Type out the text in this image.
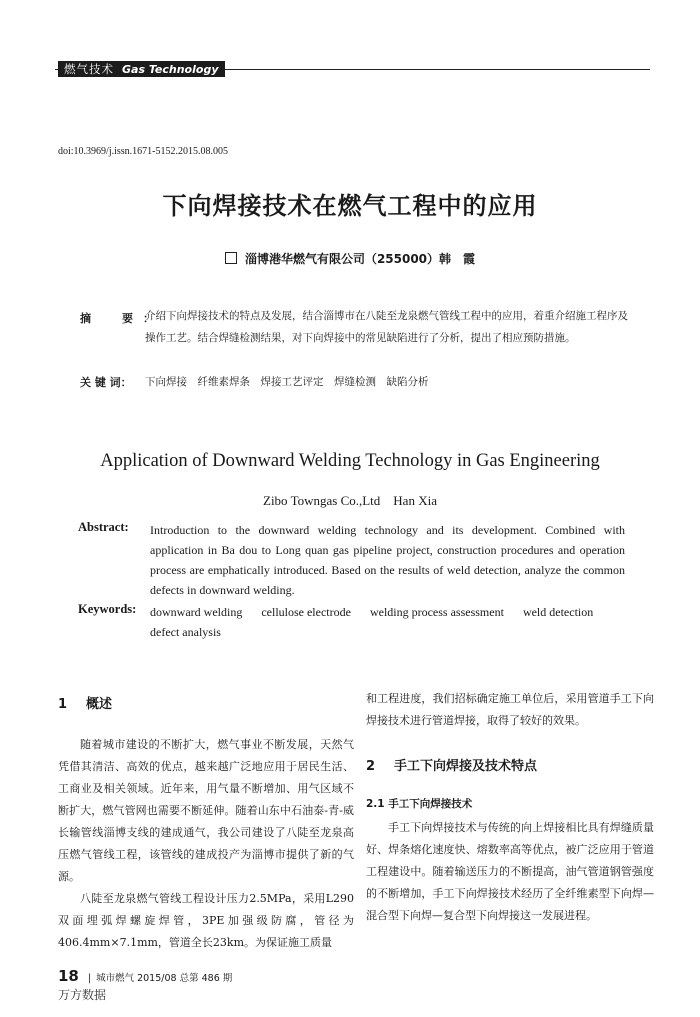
燃气技术 Gas Technology
doi:10.3969/j.issn.1671-5152.2015.08.005
下向焊接技术在燃气工程中的应用
淄博港华燃气有限公司（255000）韩　霞
摘　要：
介绍下向焊接技术的特点及发展，结合淄博市在八陡至龙泉燃气管线工程中的应用，着重介绍施工程序及操作工艺。结合焊缝检测结果，对下向焊接中的常见缺陷进行了分析，提出了相应预防措施。
关 键 词： 下向焊接　纤维素焊条　焊接工艺评定　焊缝检测　缺陷分析
Application of Downward Welding Technology in Gas Engineering
Zibo Towngas Co.,Ltd　Han Xia
Abstract: Introduction to the downward welding technology and its development. Combined with application in Ba dou to Long quan gas pipeline project, construction procedures and operation process are emphatically introduced. Based on the results of weld detection, analyze the common defects in downward welding.
Keywords: downward welding cellulose electrode welding process assessment weld detection
defect analysis
1 概述

随着城市建设的不断扩大，燃气事业不断发展，天然气凭借其清洁、高效的优点，越来越广泛地应用于居民生活、工商业及相关领域。近年来，用气量不断增加、用气区域不断扩大，燃气管网也需要不断延伸。随着山东中石油泰-青-威长输管线淄博支线的建成通气，我公司建设了八陡至龙泉高压燃气管线工程，该管线的建成投产为淄博市提供了新的气源。

八陡至龙泉燃气管线工程设计压力2.5MPa，采用L290双面埋弧焊螺旋焊管，3PE加强级防腐，管径为406.4mm×7.1mm，管道全长23km。为保证施工质量

和工程进度，我们招标确定施工单位后，采用管道手工下向焊接技术进行管道焊接，取得了较好的效果。

2 手工下向焊接及技术特点
2.1 手工下向焊接技术

手工下向焊接技术与传统的向上焊接相比具有焊缝质量好、焊条熔化速度快、熔数率高等优点，被广泛应用于管道工程建设中。随着输送压力的不断提高，油气管道钢管强度的不断增加，手工下向焊接技术经历了全纤维素型下向焊—混合型下向焊—复合型下向焊接这一发展进程。

18 | 城市燃气 2015/08 总第 486 期
万方数据
